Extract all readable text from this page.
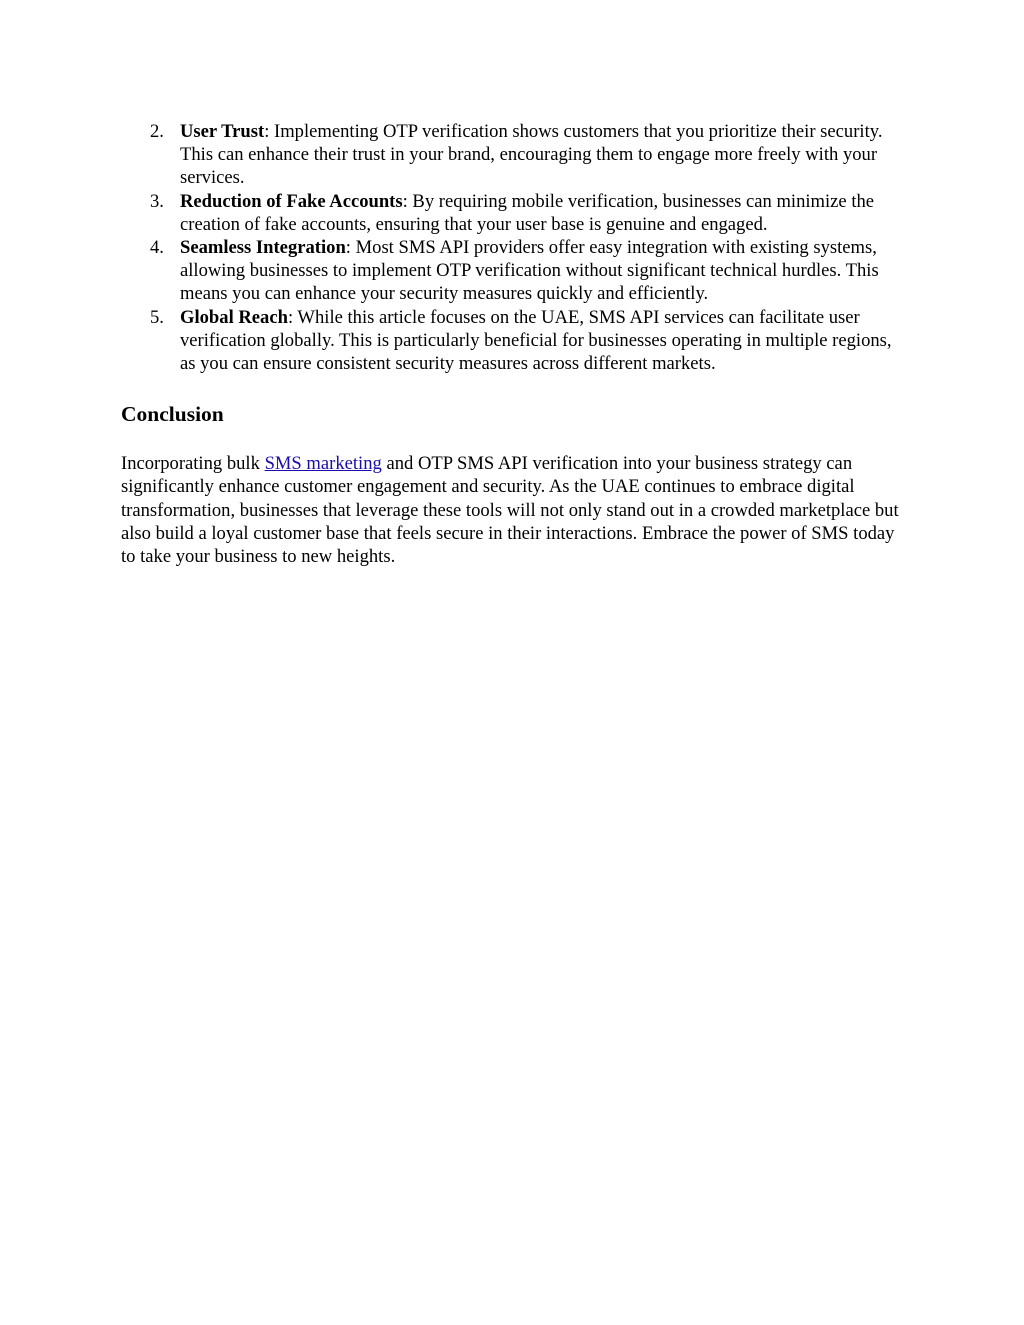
2. User Trust: Implementing OTP verification shows customers that you prioritize their security. This can enhance their trust in your brand, encouraging them to engage more freely with your services.
3. Reduction of Fake Accounts: By requiring mobile verification, businesses can minimize the creation of fake accounts, ensuring that your user base is genuine and engaged.
4. Seamless Integration: Most SMS API providers offer easy integration with existing systems, allowing businesses to implement OTP verification without significant technical hurdles. This means you can enhance your security measures quickly and efficiently.
5. Global Reach: While this article focuses on the UAE, SMS API services can facilitate user verification globally. This is particularly beneficial for businesses operating in multiple regions, as you can ensure consistent security measures across different markets.
Conclusion

Incorporating bulk SMS marketing and OTP SMS API verification into your business strategy can significantly enhance customer engagement and security. As the UAE continues to embrace digital transformation, businesses that leverage these tools will not only stand out in a crowded marketplace but also build a loyal customer base that feels secure in their interactions. Embrace the power of SMS today to take your business to new heights.
